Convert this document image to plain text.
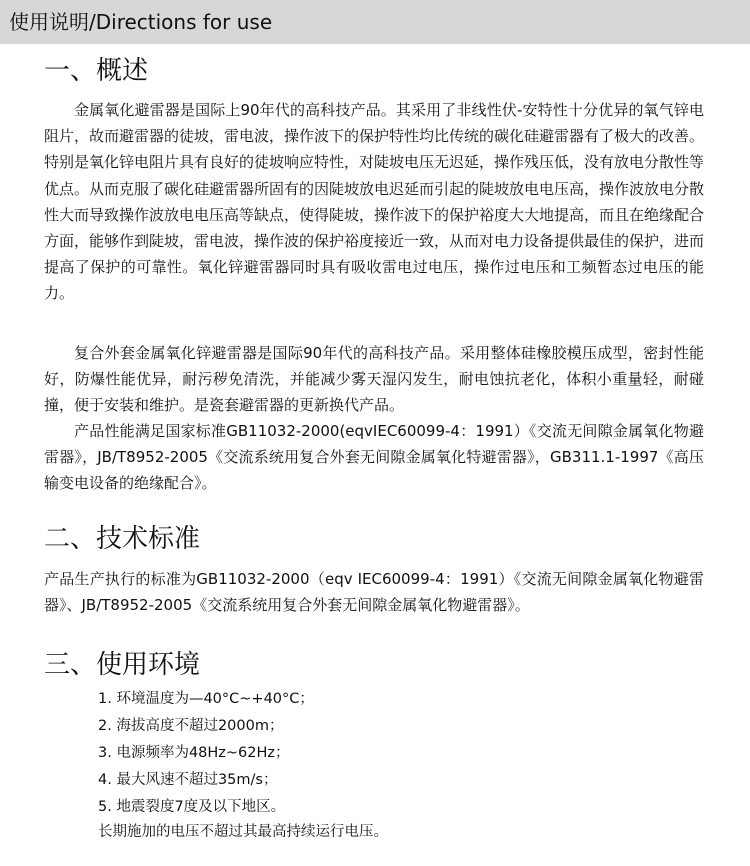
使用说明/Directions for use
一、概述

金属氧化避雷器是国际上90年代的高科技产品。其采用了非线性伏-安特性十分优异的氧气锌电阻片，故而避雷器的徒坡，雷电波，操作波下的保护特性均比传统的碳化硅避雷器有了极大的改善。特别是氧化锌电阻片具有良好的徒坡响应特性，对陡坡电压无迟延，操作残压低，没有放电分散性等优点。从而克服了碳化硅避雷器所固有的因陡坡放电迟延而引起的陡坡放电电压高，操作波放电分散性大而导致操作波放电电压高等缺点，使得陡坡，操作波下的保护裕度大大地提高，而且在绝缘配合方面，能够作到陡坡，雷电波，操作波的保护裕度接近一致，从而对电力设备提供最佳的保护，进而提高了保护的可靠性。氧化锌避雷器同时具有吸收雷电过电压，操作过电压和工频暂态过电压的能力。

复合外套金属氧化锌避雷器是国际90年代的高科技产品。采用整体硅橡胶模压成型，密封性能好，防爆性能优异，耐污秽免清洗，并能减少雾天湿闪发生，耐电蚀抗老化，体积小重量轻，耐碰撞，便于安装和维护。是瓷套避雷器的更新换代产品。

产品性能满足国家标准GB11032-2000(eqvIEC60099-4：1991）《交流无间隙金属氧化物避雷器》，JB/T8952-2005《交流系统用复合外套无间隙金属氧化特避雷器》，GB311.1-1997《高压输变电设备的绝缘配合》。

二、技术标准

产品生产执行的标准为GB11032-2000（eqv IEC60099-4：1991）《交流无间隙金属氧化物避雷器》、JB/T8952-2005《交流系统用复合外套无间隙金属氧化物避雷器》。

三、使用环境
1. 环境温度为—40°C~+40°C；
2. 海拔高度不超过2000m；
3. 电源频率为48Hz~62Hz；
4. 最大风速不超过35m/s；
5. 地震裂度7度及以下地区。
长期施加的电压不超过其最高持续运行电压。
